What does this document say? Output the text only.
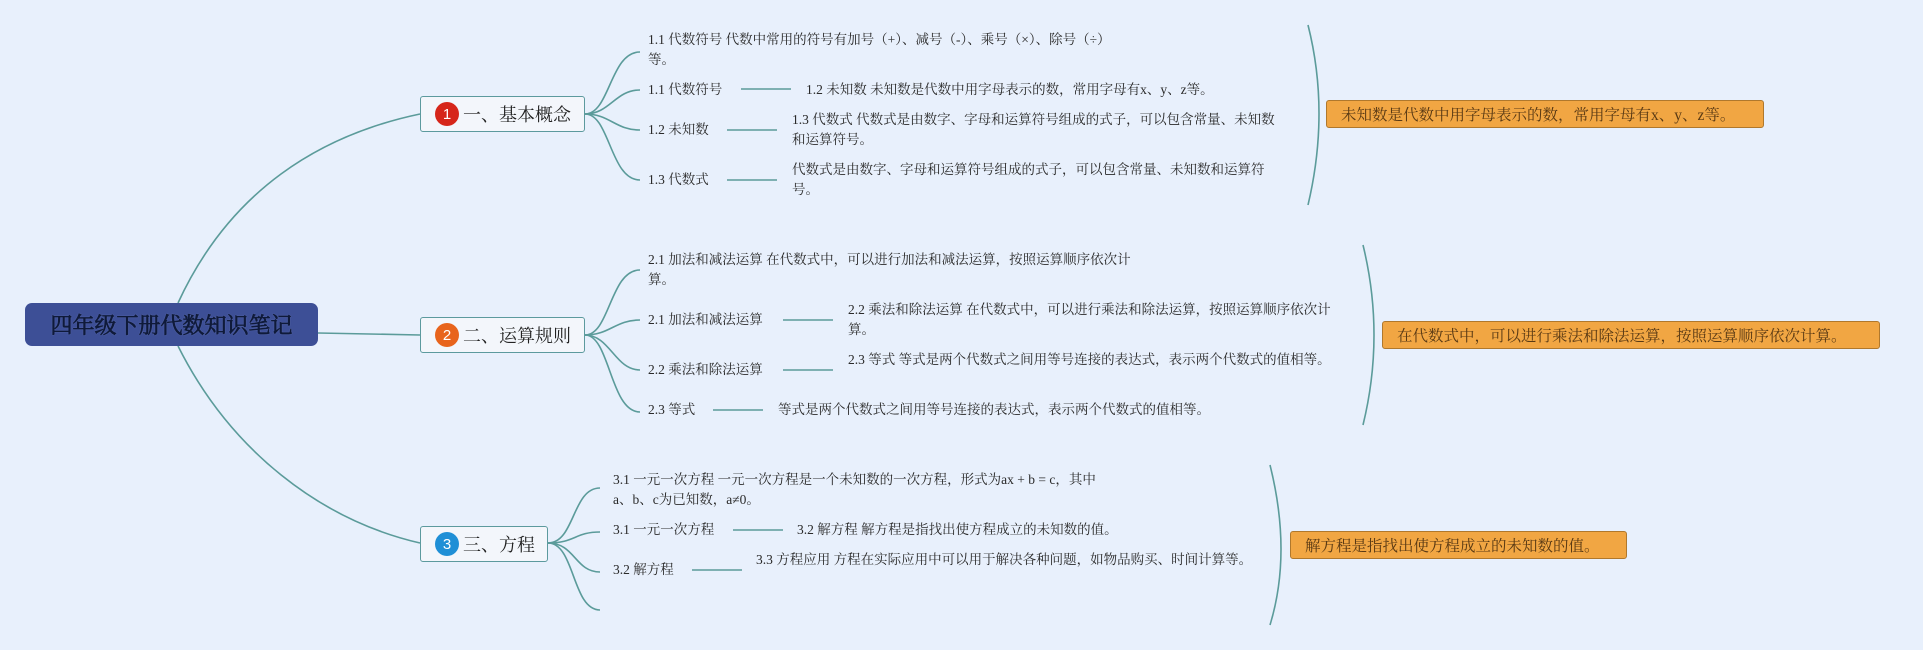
四年级下册代数知识笔记
1 一、基本概念
1.1 代数符号 代数中常用的符号有加号（+）、减号（-）、乘号（×）、除号（÷）等。
1.1 代数符号
1.2 未知数
1.3 代数式
1.2 未知数 未知数是代数中用字母表示的数，常用字母有x、y、z等。
1.3 代数式 代数式是由数字、字母和运算符号组成的式子，可以包含常量、未知数和运算符号。
代数式是由数字、字母和运算符号组成的式子，可以包含常量、未知数和运算符号。
未知数是代数中用字母表示的数，常用字母有x、y、z等。
2 二、运算规则
2.1 加法和减法运算 在代数式中，可以进行加法和减法运算，按照运算顺序依次计算。
2.1 加法和减法运算
2.2 乘法和除法运算
2.3 等式
2.2 乘法和除法运算 在代数式中，可以进行乘法和除法运算，按照运算顺序依次计算。
2.3 等式 等式是两个代数式之间用等号连接的表达式，表示两个代数式的值相等。
等式是两个代数式之间用等号连接的表达式，表示两个代数式的值相等。
在代数式中，可以进行乘法和除法运算，按照运算顺序依次计算。
3 三、方程
3.1 一元一次方程 一元一次方程是一个未知数的一次方程，形式为ax + b = c，其中a、b、c为已知数，a≠0。
3.1 一元一次方程
3.2 解方程
3.2 解方程 解方程是指找出使方程成立的未知数的值。
3.3 方程应用 方程在实际应用中可以用于解决各种问题，如物品购买、时间计算等。
解方程是指找出使方程成立的未知数的值。
